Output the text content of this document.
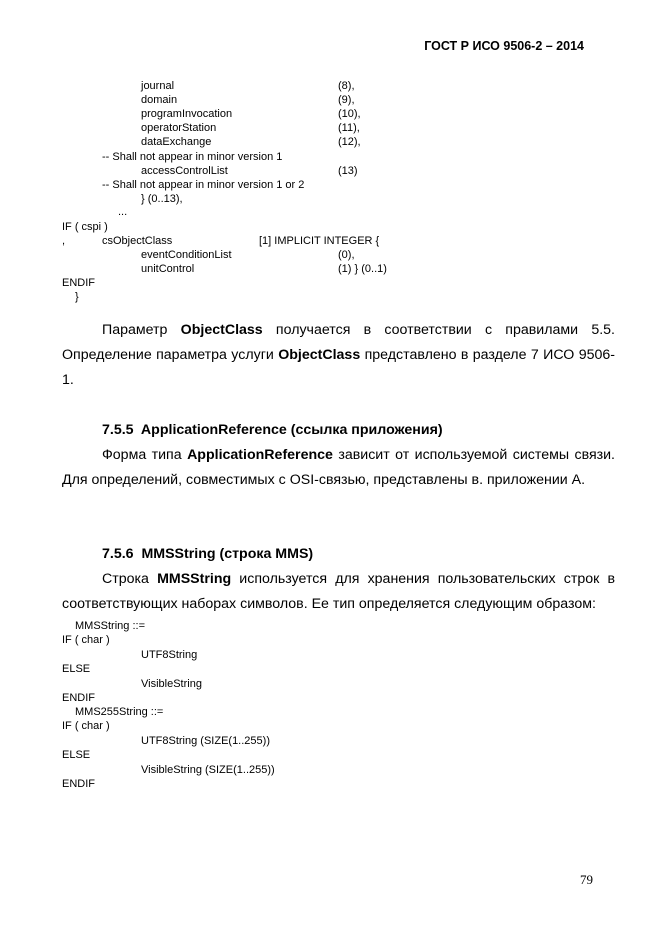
ГОСТ Р ИСО 9506-2 – 2014
journal	(8),
domain	(9),
programInvocation	(10),
operatorStation	(11),
dataExchange	(12),
-- Shall not appear in minor version 1
accessControlList	(13)
-- Shall not appear in minor version 1 or 2
} (0..13),
...
IF ( cspi )
,	csObjectClass	[1] IMPLICIT INTEGER {
eventConditionList	(0),
unitControl	(1) } (0..1)
ENDIF
}
Параметр ObjectClass получается в соответствии с правилами 5.5. Определение параметра услуги ObjectClass представлено в разделе 7 ИСО 9506-1.
7.5.5 ApplicationReference (ссылка приложения)
Форма типа ApplicationReference зависит от используемой системы связи. Для определений, совместимых с OSI-связью, представлены в. приложении А.
7.5.6 MMSString (строка MMS)
Строка MMSString используется для хранения пользовательских строк в соответствующих наборах символов. Ее тип определяется следующим образом:
MMSString ::=
IF ( char )
UTF8String
ELSE
VisibleString
ENDIF
MMS255String ::=
IF ( char )
UTF8String (SIZE(1..255))
ELSE
VisibleString (SIZE(1..255))
ENDIF
79
